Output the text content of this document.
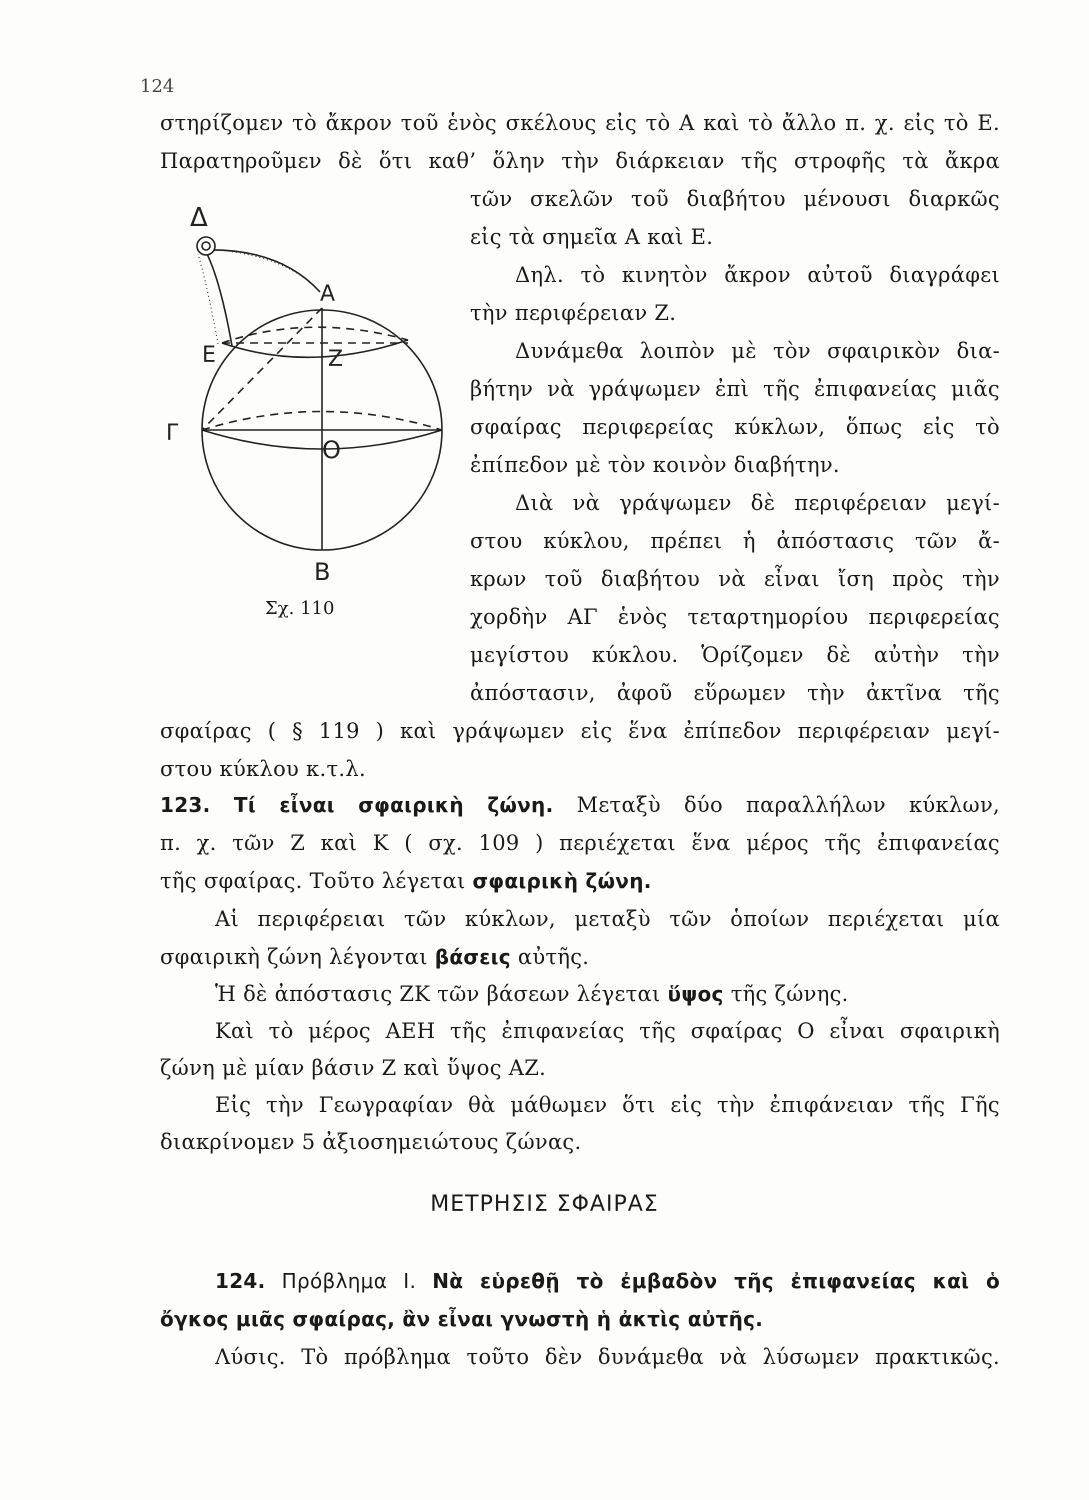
124
Δ
Α
Ε	Ζ
Γ
Ο
Β
Σχ. 110
στηρίζομεν τὸ ἄκρον τοῦ ἑνὸς σκέλους εἰς τὸ Α καὶ τὸ ἄλλο π. χ. εἰς τὸ Ε.
Παρατηροῦμεν δὲ ὅτι καθ’ ὅλην τὴν διάρκειαν τῆς στροφῆς τὰ ἄκρα
τῶν σκελῶν τοῦ διαβήτου μένουσι διαρκῶς
εἰς τὰ σημεῖα Α καὶ Ε.
Δηλ. τὸ κινητὸν ἄκρον αὐτοῦ διαγράφει
τὴν περιφέρειαν Ζ.
Δυνάμεθα λοιπὸν μὲ τὸν σφαιρικὸν δια-
βήτην νὰ γράψωμεν ἐπὶ τῆς ἐπιφανείας μιᾶς
σφαίρας περιφερείας κύκλων, ὅπως εἰς τὸ
ἐπίπεδον μὲ τὸν κοινὸν διαβήτην.
Διὰ νὰ γράψωμεν δὲ περιφέρειαν μεγί-
στου κύκλου, πρέπει ἡ ἀπόστασις τῶν ἄ-
κρων τοῦ διαβήτου νὰ εἶναι ἴση πρὸς τὴν
χορδὴν ΑΓ ἑνὸς τεταρτημορίου περιφερείας
μεγίστου κύκλου. Ὁρίζομεν δὲ αὐτὴν τὴν
ἀπόστασιν, ἀφοῦ εὕρωμεν τὴν ἀκτῖνα τῆς
σφαίρας ( § 119 ) καὶ γράψωμεν εἰς ἕνα ἐπίπεδον περιφέρειαν μεγί-
στου κύκλου κ.τ.λ.
123. Τί εἶναι σφαιρικὴ ζώνη. Μεταξὺ δύο παραλλήλων κύκλων,
π. χ. τῶν Ζ καὶ Κ ( σχ. 109 ) περιέχεται ἕνα μέρος τῆς ἐπιφανείας
τῆς σφαίρας. Τοῦτο λέγεται σφαιρικὴ ζώνη.
Αἱ περιφέρειαι τῶν κύκλων, μεταξὺ τῶν ὁποίων περιέχεται μία
σφαιρικὴ ζώνη λέγονται βάσεις αὐτῆς.
Ἡ δὲ ἀπόστασις ΖΚ τῶν βάσεων λέγεται ὕψος τῆς ζώνης.
Καὶ τὸ μέρος ΑΕΗ τῆς ἐπιφανείας τῆς σφαίρας Ο εἶναι σφαιρικὴ
ζώνη μὲ μίαν βάσιν Ζ καὶ ὕψος ΑΖ.
Εἰς τὴν Γεωγραφίαν θὰ μάθωμεν ὅτι εἰς τὴν ἐπιφάνειαν τῆς Γῆς
διακρίνομεν 5 ἀξιοσημειώτους ζώνας.
124. Πρόβλημα Ι. Νὰ εὑρεθῇ τὸ ἐμβαδὸν τῆς ἐπιφανείας καὶ ὁ
ὄγκος μιᾶς σφαίρας, ἂν εἶναι γνωστὴ ἡ ἀκτὶς αὐτῆς.
Λύσις. Τὸ πρόβλημα τοῦτο δὲν δυνάμεθα νὰ λύσωμεν πρακτικῶς.
ΜΕΤΡΗΣΙΣ ΣΦΑΙΡΑΣ
